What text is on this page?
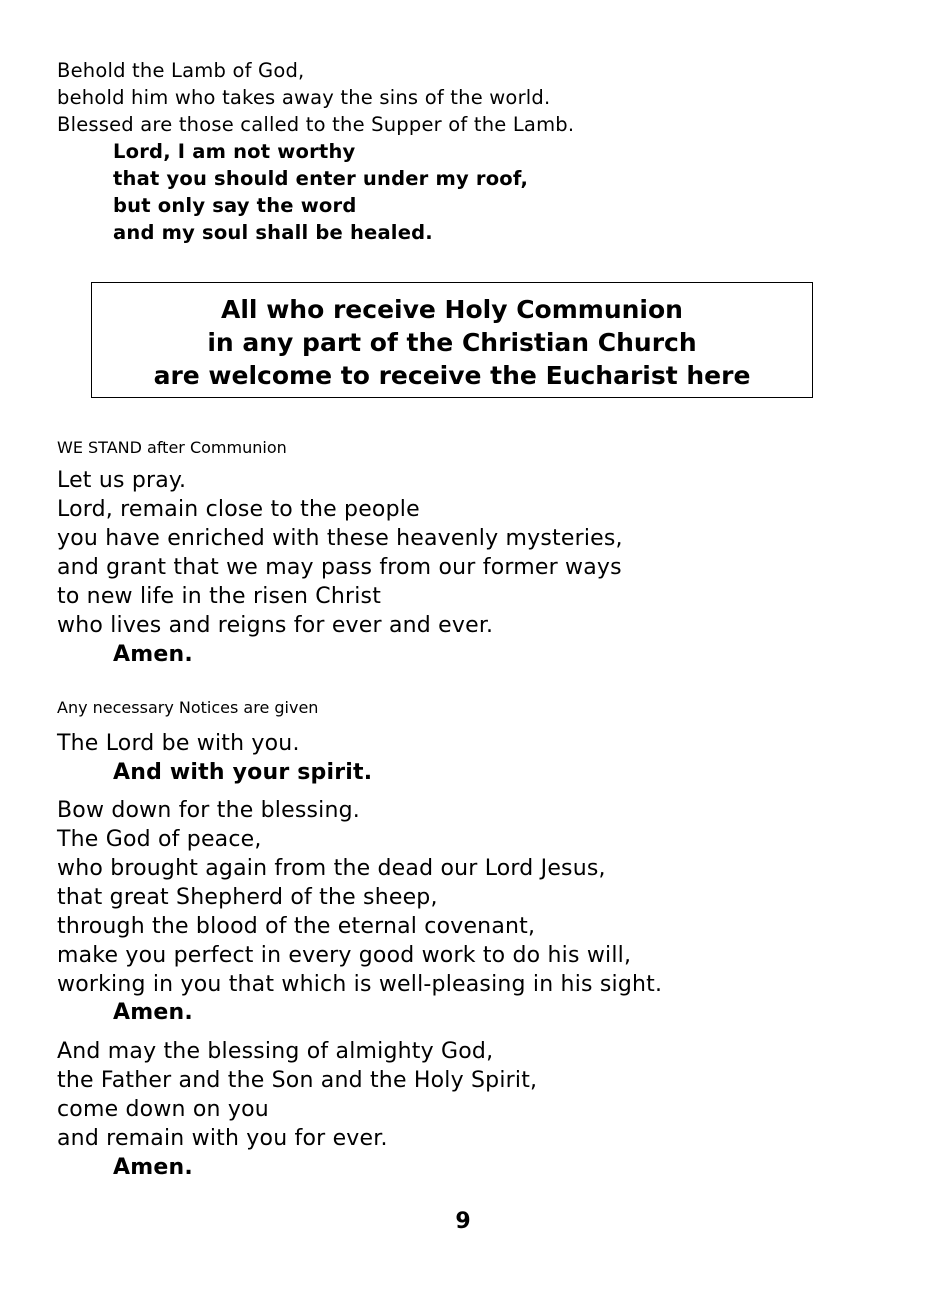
Behold the Lamb of God,
behold him who takes away the sins of the world.
Blessed are those called to the Supper of the Lamb.
Lord, I am not worthy
that you should enter under my roof,
but only say the word
and my soul shall be healed.
All who receive Holy Communion
in any part of the Christian Church
are welcome to receive the Eucharist here
WE STAND after Communion
Let us pray.
Lord, remain close to the people
you have enriched with these heavenly mysteries,
and grant that we may pass from our former ways
to new life in the risen Christ
who lives and reigns for ever and ever.
Amen.
Any necessary Notices are given
The Lord be with you.
And with your spirit.
Bow down for the blessing.
The God of peace,
who brought again from the dead our Lord Jesus,
that great Shepherd of the sheep,
through the blood of the eternal covenant,
make you perfect in every good work to do his will,
working in you that which is well-pleasing in his sight.
Amen.
And may the blessing of almighty God,
the Father and the Son and the Holy Spirit,
come down on you
and remain with you for ever.
Amen.
9
